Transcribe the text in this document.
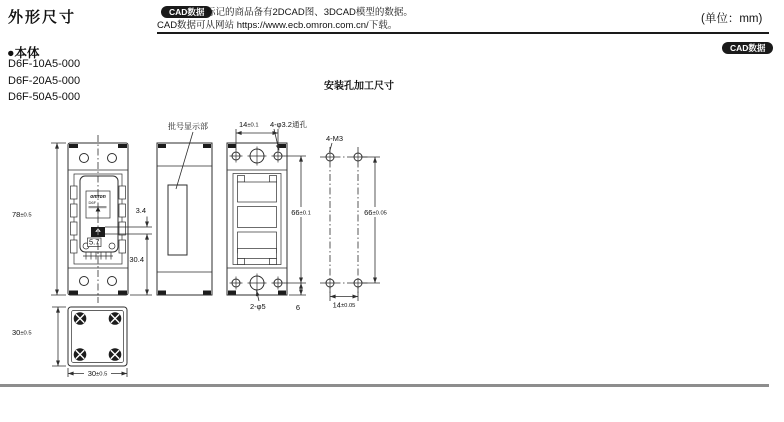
omron
D6F
5.7
78±0.5
3.4
30.4
30±0.5
30±0.5
批号显示部	14±0.1 4-φ3.2通孔
66±0.1
6
2-φ5
4-M3
66±0.05
14±0.05
外形尺寸	CAD数据 标记的商品备有2DCAD图、3DCAD模型的数据。
CAD数据可从网站 https://www.ecb.omron.com.cn/下载。	(单位：mm)
●本体	CAD数据
D6F-10A5-000
D6F-20A5-000
D6F-50A5-000
安装孔加工尺寸
